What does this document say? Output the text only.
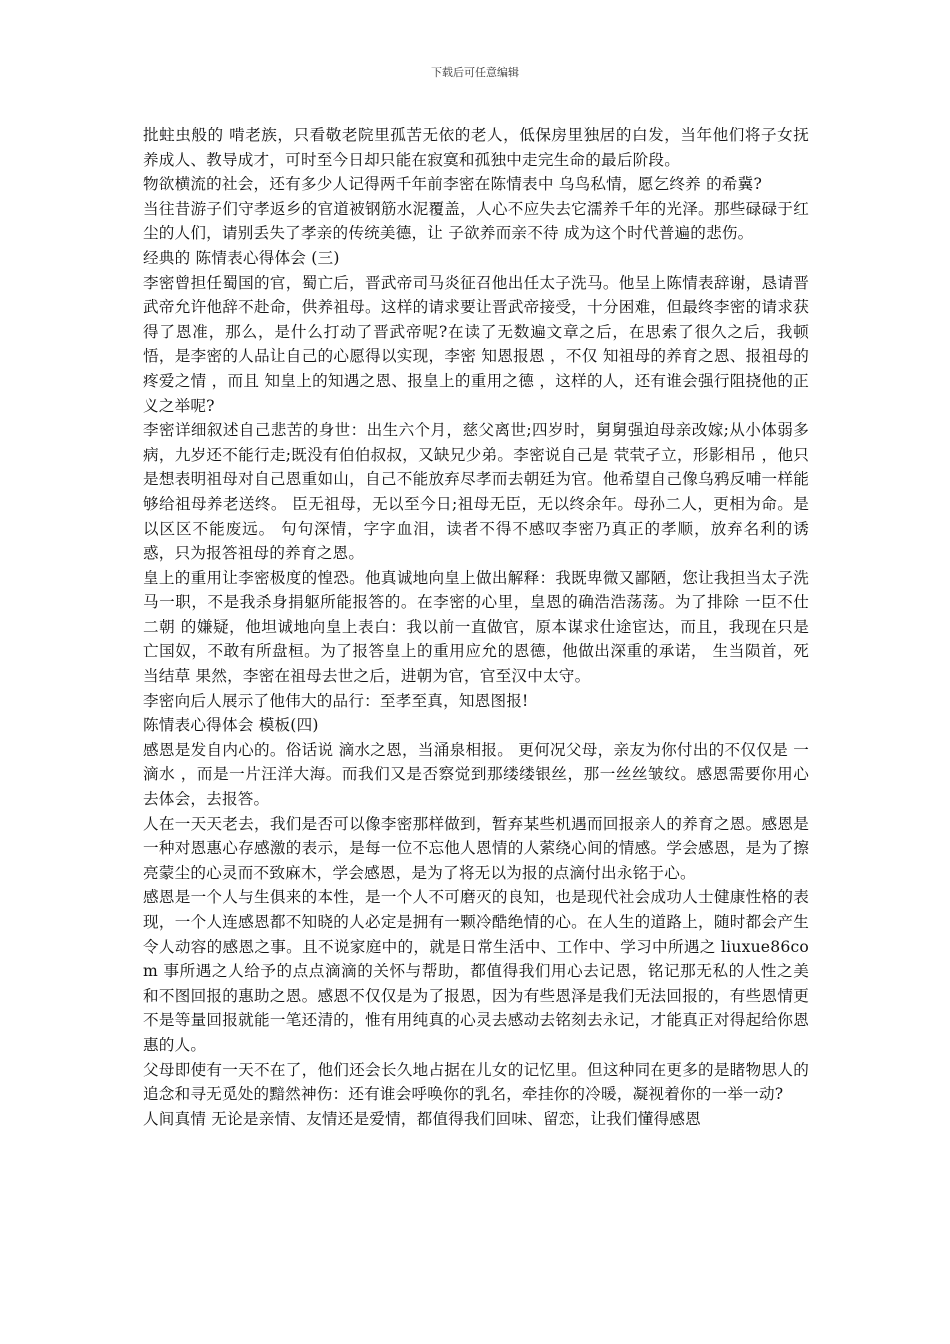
下载后可任意编辑

批蛀虫般的 啃老族，只看敬老院里孤苦无依的老人，低保房里独居的白发，当年他们将子女抚养成人、教导成才，可时至今日却只能在寂寞和孤独中走完生命的最后阶段。

物欲横流的社会，还有多少人记得两千年前李密在陈情表中 乌鸟私情，愿乞终养 的希冀?

当往昔游子们守孝返乡的官道被钢筋水泥覆盖，人心不应失去它濡养千年的光泽。那些碌碌于红尘的人们，请别丢失了孝亲的传统美德，让 子欲养而亲不待 成为这个时代普遍的悲伤。

经典的 陈情表心得体会 (三)

李密曾担任蜀国的官，蜀亡后，晋武帝司马炎征召他出任太子洗马。他呈上陈情表辞谢，恳请晋武帝允许他辞不赴命，供养祖母。这样的请求要让晋武帝接受，十分困难，但最终李密的请求获得了恩准，那么，是什么打动了晋武帝呢?在读了无数遍文章之后，在思索了很久之后，我顿悟，是李密的人品让自己的心愿得以实现，李密 知恩报恩 ，不仅 知祖母的养育之恩、报祖母的疼爱之情 ，而且 知皇上的知遇之恩、报皇上的重用之德 ，这样的人，还有谁会强行阻挠他的正义之举呢?

李密详细叙述自己悲苦的身世：出生六个月，慈父离世;四岁时，舅舅强迫母亲改嫁;从小体弱多病，九岁还不能行走;既没有伯伯叔叔，又缺兄少弟。李密说自己是 茕茕孑立，形影相吊 ，他只是想表明祖母对自己恩重如山，自己不能放弃尽孝而去朝廷为官。他希望自己像乌鸦反哺一样能够给祖母养老送终。 臣无祖母，无以至今日;祖母无臣，无以终余年。母孙二人，更相为命。是以区区不能废远。 句句深情，字字血泪，读者不得不感叹李密乃真正的孝顺，放弃名利的诱惑，只为报答祖母的养育之恩。

皇上的重用让李密极度的惶恐。他真诚地向皇上做出解释：我既卑微又鄙陋，您让我担当太子洗马一职，不是我杀身捐躯所能报答的。在李密的心里，皇恩的确浩浩荡荡。为了排除 一臣不仕二朝 的嫌疑，他坦诚地向皇上表白：我以前一直做官，原本谋求仕途宦达，而且，我现在只是亡国奴，不敢有所盘桓。为了报答皇上的重用应允的恩德，他做出深重的承诺， 生当陨首，死当结草 果然，李密在祖母去世之后，进朝为官，官至汉中太守。

李密向后人展示了他伟大的品行：至孝至真，知恩图报!

陈情表心得体会 模板(四)

感恩是发自内心的。俗话说 滴水之恩，当涌泉相报。 更何况父母，亲友为你付出的不仅仅是 一滴水 ，而是一片汪洋大海。而我们又是否察觉到那缕缕银丝，那一丝丝皱纹。感恩需要你用心去体会，去报答。

人在一天天老去，我们是否可以像李密那样做到，暂弃某些机遇而回报亲人的养育之恩。感恩是一种对恩惠心存感激的表示，是每一位不忘他人恩情的人萦绕心间的情感。学会感恩，是为了擦亮蒙尘的心灵而不致麻木，学会感恩，是为了将无以为报的点滴付出永铭于心。

感恩是一个人与生俱来的本性，是一个人不可磨灭的良知，也是现代社会成功人士健康性格的表现，一个人连感恩都不知晓的人必定是拥有一颗冷酷绝情的心。在人生的道路上，随时都会产生令人动容的感恩之事。且不说家庭中的，就是日常生活中、工作中、学习中所遇之 liuxue86com 事所遇之人给予的点点滴滴的关怀与帮助，都值得我们用心去记恩，铭记那无私的人性之美和不图回报的惠助之恩。感恩不仅仅是为了报恩，因为有些恩泽是我们无法回报的，有些恩情更不是等量回报就能一笔还清的，惟有用纯真的心灵去感动去铭刻去永记，才能真正对得起给你恩惠的人。

父母即使有一天不在了，他们还会长久地占据在儿女的记忆里。但这种同在更多的是睹物思人的追念和寻无觅处的黯然神伤：还有谁会呼唤你的乳名，牵挂你的冷暖，凝视着你的一举一动?

人间真情 无论是亲情、友情还是爱情，都值得我们回味、留恋，让我们懂得感恩
